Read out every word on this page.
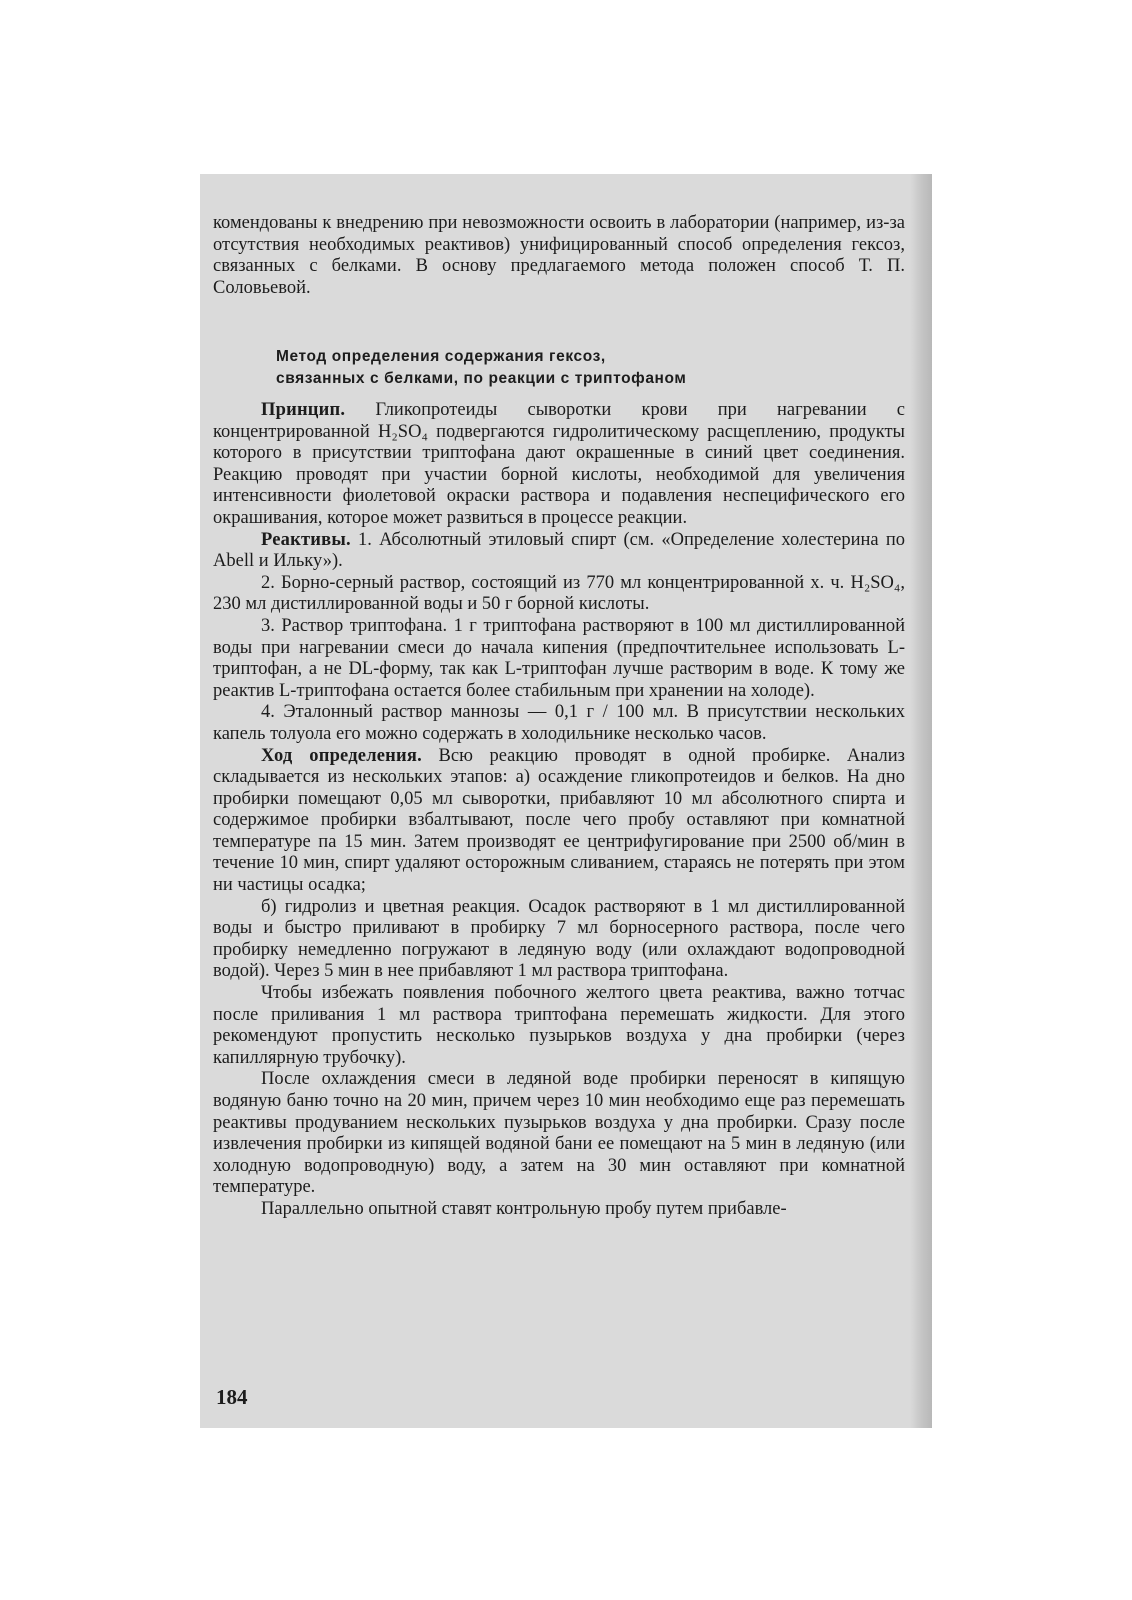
комендованы к внедрению при невозможности освоить в лаборатории (например, из-за отсутствия необходимых реактивов) унифицированный способ определения гексоз, связанных с белками. В основу предлагаемого метода положен способ Т. П. Соловьевой.

Метод определения содержания гексоз,
связанных с белками, по реакции с триптофаном

Принцип. Гликопротеиды сыворотки крови при нагревании с концентрированной H₂SO₄ подвергаются гидролитическому расщеплению, продукты которого в присутствии триптофана дают окрашенные в синий цвет соединения. Реакцию проводят при участии борной кислоты, необходимой для увеличения интенсивности фиолетовой окраски раствора и подавления неспецифического его окрашивания, которое может развиться в процессе реакции.

Реактивы. 1. Абсолютный этиловый спирт (см. «Определение холестерина по Abell и Ильку»).

2. Борно-серный раствор, состоящий из 770 мл концентрированной х. ч. H₂SO₄, 230 мл дистиллированной воды и 50 г борной кислоты.

3. Раствор триптофана. 1 г триптофана растворяют в 100 мл дистиллированной воды при нагревании смеси до начала кипения (предпочтительнее использовать L-триптофан, а не DL-форму, так как L-триптофан лучше растворим в воде. К тому же реактив L-триптофана остается более стабильным при хранении на холоде).

4. Эталонный раствор маннозы — 0,1 г / 100 мл. В присутствии нескольких капель толуола его можно содержать в холодильнике несколько часов.

Ход определения. Всю реакцию проводят в одной пробирке. Анализ складывается из нескольких этапов: а) осаждение гликопротеидов и белков. На дно пробирки помещают 0,05 мл сыворотки, прибавляют 10 мл абсолютного спирта и содержимое пробирки взбалтывают, после чего пробу оставляют при комнатной температуре па 15 мин. Затем производят ее центрифугирование при 2500 об/мин в течение 10 мин, спирт удаляют осторожным сливанием, стараясь не потерять при этом ни частицы осадка;

б) гидролиз и цветная реакция. Осадок растворяют в 1 мл дистиллированной воды и быстро приливают в пробирку 7 мл борносерного раствора, после чего пробирку немедленно погружают в ледяную воду (или охлаждают водопроводной водой). Через 5 мин в нее прибавляют 1 мл раствора триптофана.

Чтобы избежать появления побочного желтого цвета реактива, важно тотчас после приливания 1 мл раствора триптофана перемешать жидкости. Для этого рекомендуют пропустить несколько пузырьков воздуха у дна пробирки (через капиллярную трубочку).

После охлаждения смеси в ледяной воде пробирки переносят в кипящую водяную баню точно на 20 мин, причем через 10 мин необходимо еще раз перемешать реактивы продуванием нескольких пузырьков воздуха у дна пробирки. Сразу после извлечения пробирки из кипящей водяной бани ее помещают на 5 мин в ледяную (или холодную водопроводную) воду, а затем на 30 мин оставляют при комнатной температуре.

Параллельно опытной ставят контрольную пробу путем прибавле-

184
